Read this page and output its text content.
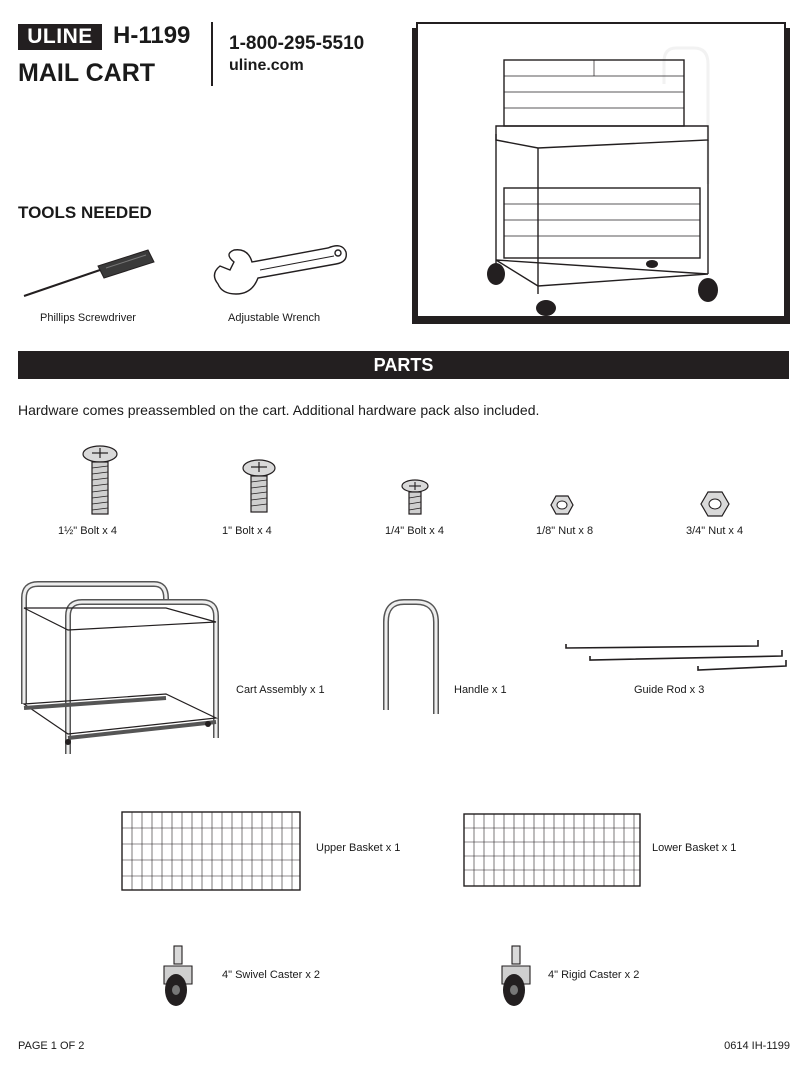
ULINE H-1199
MAIL CART
1-800-295-5510
uline.com
TOOLS NEEDED
Phillips Screwdriver	Adjustable Wrench
PARTS
Hardware comes preassembled on the cart. Additional hardware pack also included.
1½" Bolt x 4	1" Bolt x 4	1/4" Bolt x 4	1/8" Nut x 8	3/4" Nut x 4
Cart Assembly x 1	Handle x 1	Guide Rod x 3
Upper Basket x 1	Lower Basket x 1
4" Swivel Caster x 2	4" Rigid Caster x 2
PAGE 1 OF 2	0614 IH-1199
